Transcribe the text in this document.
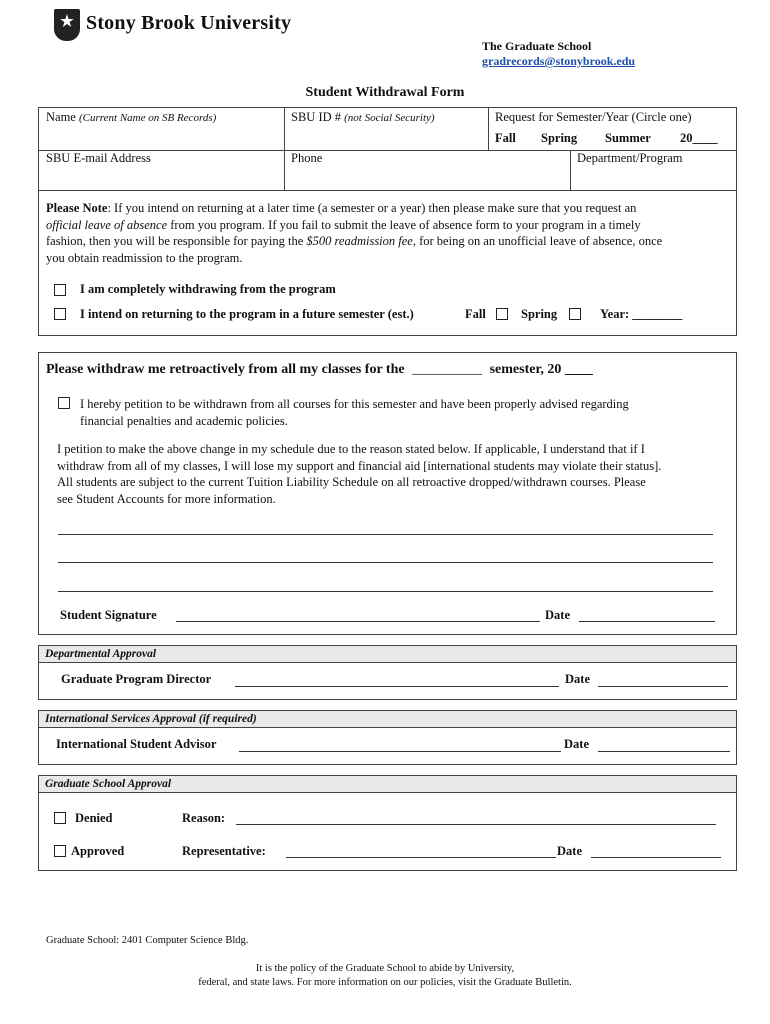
Stony Brook University
The Graduate School
gradrecords@stonybrook.edu
Student Withdrawal Form
Name (Current Name on SB Records)	SBU ID # (not Social Security)	Request for Semester/Year (Circle one)
Fall Spring Summer 20____
SBU E-mail Address	Phone	Department/Program
Please Note: If you intend on returning at a later time (a semester or a year) then please make sure that you request an
official leave of absence from you program. If you fail to submit the leave of absence form to your program in a timely
fashion, then you will be responsible for paying the $500 readmission fee, for being on an unofficial leave of absence, once
you obtain readmission to the program.
I am completely withdrawing from the program
I intend on returning to the program in a future semester (est.)	Fall	Spring	Year: ________
Please withdraw me retroactively from all my classes for the __________ semester, 20 ____
I hereby petition to be withdrawn from all courses for this semester and have been properly advised regarding
financial penalties and academic policies.
I petition to make the above change in my schedule due to the reason stated below. If applicable, I understand that if I
withdraw from all of my classes, I will lose my support and financial aid [international students may violate their status].
All students are subject to the current Tuition Liability Schedule on all retroactive dropped/withdrawn courses. Please
see Student Accounts for more information.
Student Signature	Date
Departmental Approval
Graduate Program Director	Date
International Services Approval (if required)
International Student Advisor	Date
Graduate School Approval
Denied	Reason:
Approved	Representative:	Date
Graduate School: 2401 Computer Science Bldg.
It is the policy of the Graduate School to abide by University,
federal, and state laws. For more information on our policies, visit the Graduate Bulletin.
